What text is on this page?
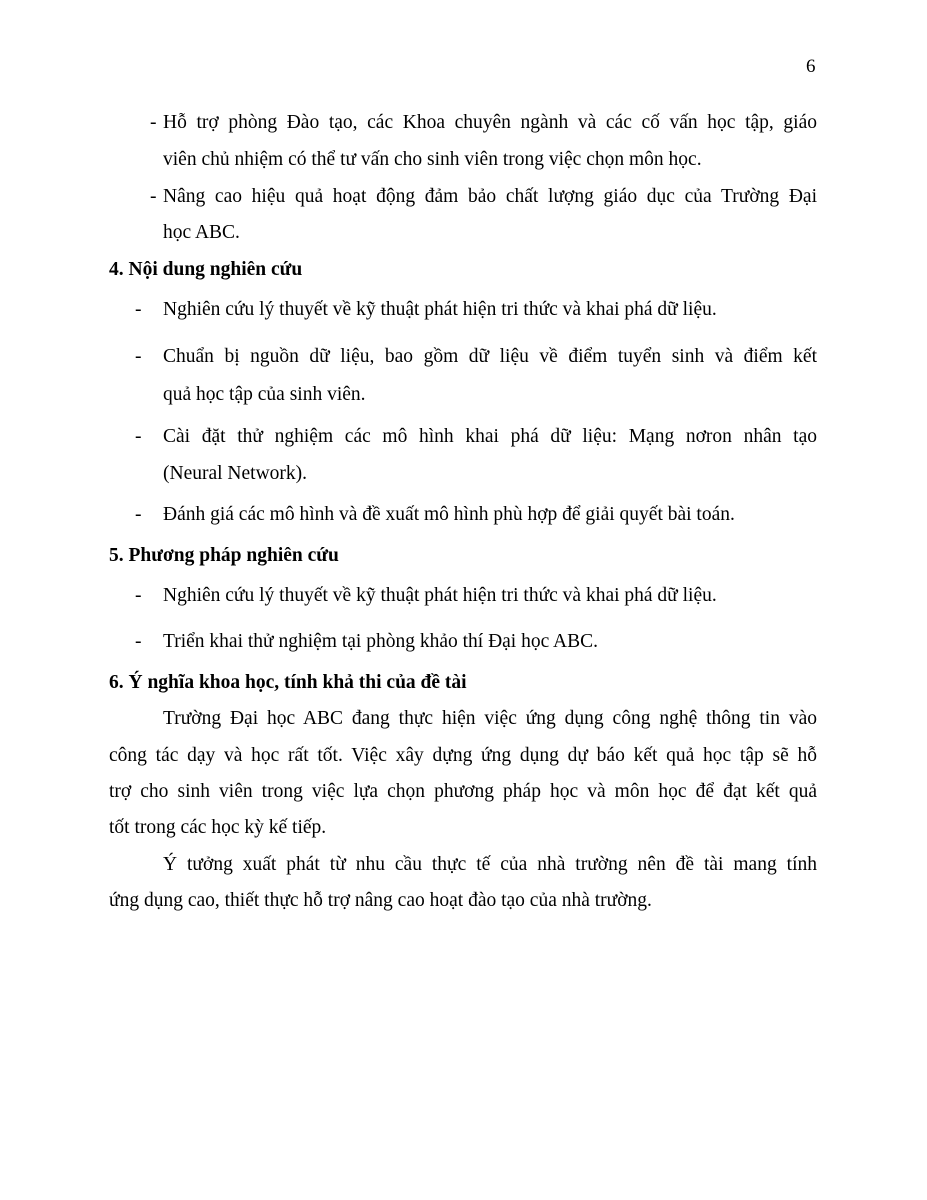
6
- Hỗ trợ phòng Đào tạo, các Khoa chuyên ngành và các cố vấn học tập, giáo
viên chủ nhiệm có thể tư vấn cho sinh viên trong việc chọn môn học.
- Nâng cao hiệu quả hoạt động đảm bảo chất lượng giáo dục của Trường Đại
học ABC.
4. Nội dung nghiên cứu
- Nghiên cứu lý thuyết về kỹ thuật phát hiện tri thức và khai phá dữ liệu.
- Chuẩn bị nguồn dữ liệu, bao gồm dữ liệu về điểm tuyển sinh và điểm kết
quả học tập của sinh viên.
- Cài đặt thử nghiệm các mô hình khai phá dữ liệu: Mạng nơron nhân tạo
(Neural Network).
- Đánh giá các mô hình và đề xuất mô hình phù hợp để giải quyết bài toán.
5. Phương pháp nghiên cứu
- Nghiên cứu lý thuyết về kỹ thuật phát hiện tri thức và khai phá dữ liệu.
- Triển khai thử nghiệm tại phòng khảo thí Đại học ABC.
6. Ý nghĩa khoa học, tính khả thi của đề tài
Trường Đại học ABC đang thực hiện việc ứng dụng công nghệ thông tin vào
công tác dạy và học rất tốt. Việc xây dựng ứng dụng dự báo kết quả học tập sẽ hỗ
trợ cho sinh viên trong việc lựa chọn phương pháp học và môn học để đạt kết quả
tốt trong các học kỳ kế tiếp.
Ý tưởng xuất phát từ nhu cầu thực tế của nhà trường nên đề tài mang tính
ứng dụng cao, thiết thực hỗ trợ nâng cao hoạt đào tạo của nhà trường.
